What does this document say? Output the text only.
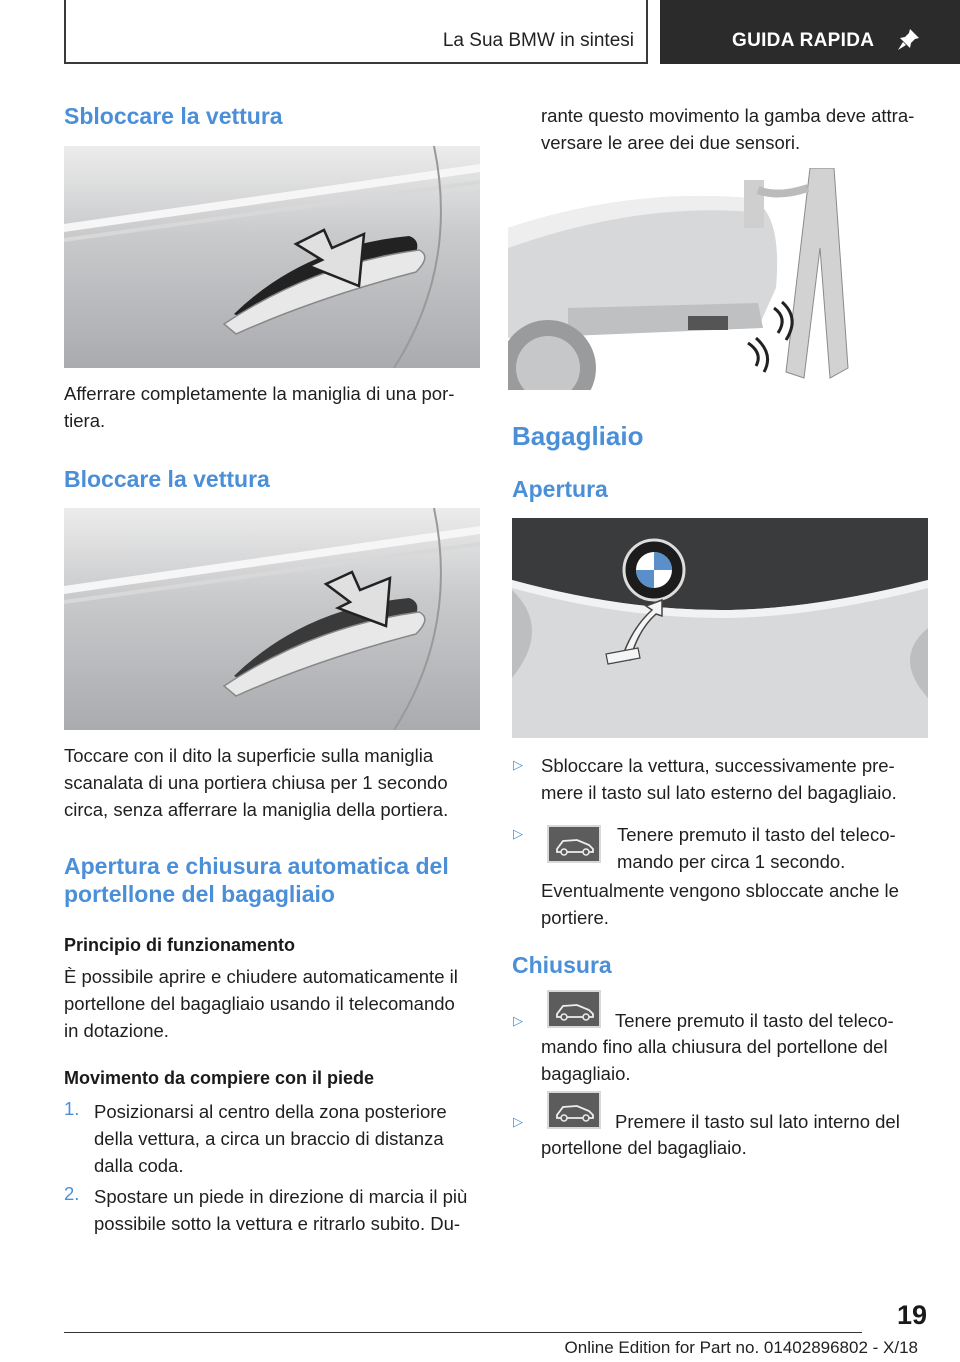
La Sua BMW in sintesi	GUIDA RAPIDA
Sbloccare la vettura
Afferrare completamente la maniglia di una por-
tiera.
Bloccare la vettura
Toccare con il dito la superficie sulla maniglia
scanalata di una portiera chiusa per 1 secondo
circa, senza afferrare la maniglia della portiera.
Apertura e chiusura automatica del
portellone del bagagliaio
Principio di funzionamento
È possibile aprire e chiudere automaticamente il
portellone del bagagliaio usando il telecomando
in dotazione.
Movimento da compiere con il piede
1. Posizionarsi al centro della zona posteriore
della vettura, a circa un braccio di distanza
dalla coda.
2. Spostare un piede in direzione di marcia il più
possibile sotto la vettura e ritrarlo subito. Du-
rante questo movimento la gamba deve attra-
versare le aree dei due sensori.
Bagagliaio
Apertura
▷ Sbloccare la vettura, successivamente pre-
mere il tasto sul lato esterno del bagagliaio.
▷	Tenere premuto il tasto del teleco-
mando per circa 1 secondo.
Eventualmente vengono sbloccate anche le
portiere.
Chiusura
▷	Tenere premuto il tasto del teleco-
mando fino alla chiusura del portellone del
bagagliaio.
▷	Premere il tasto sul lato interno del
portellone del bagagliaio.
19
Online Edition for Part no. 01402896802 - X/18
